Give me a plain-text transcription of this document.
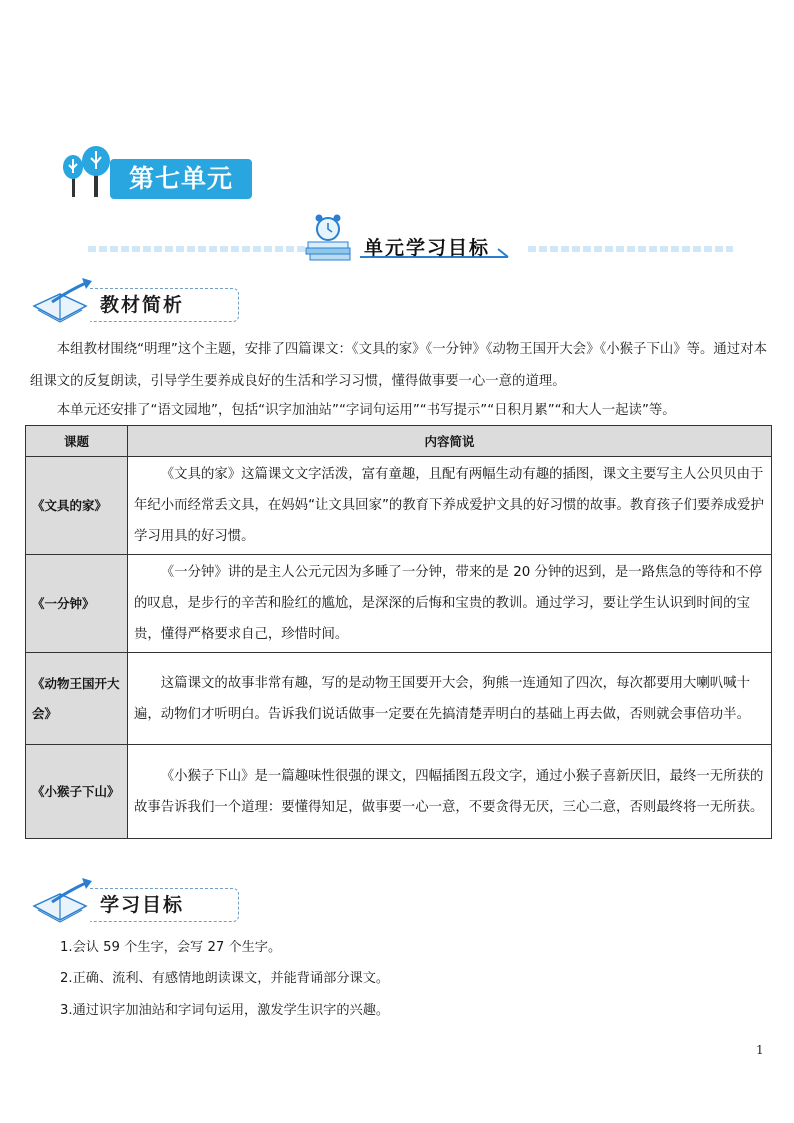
第七单元
单元学习目标
教材简析
本组教材围绕“明理”这个主题，安排了四篇课文：《文具的家》《一分钟》《动物王国开大会》《小猴子下山》等。通过对本组课文的反复朗读，引导学生要养成良好的生活和学习习惯，懂得做事要一心一意的道理。
本单元还安排了“语文园地”，包括“识字加油站”“字词句运用”“书写提示”“日积月累”“和大人一起读”等。
课题	内容简说
《文具的家》	《文具的家》这篇课文文字活泼，富有童趣，且配有两幅生动有趣的插图，课文主要写主人公贝贝由于年纪小而经常丢文具，在妈妈“让文具回家”的教育下养成爱护文具的好习惯的故事。教育孩子们要养成爱护学习用具的好习惯。
《一分钟》	《一分钟》讲的是主人公元元因为多睡了一分钟，带来的是 20 分钟的迟到，是一路焦急的等待和不停的叹息，是步行的辛苦和脸红的尴尬，是深深的后悔和宝贵的教训。通过学习，要让学生认识到时间的宝贵，懂得严格要求自己，珍惜时间。
《动物王国开大会》	这篇课文的故事非常有趣，写的是动物王国要开大会，狗熊一连通知了四次，每次都要用大喇叭喊十遍，动物们才听明白。告诉我们说话做事一定要在先搞清楚弄明白的基础上再去做，否则就会事倍功半。
《小猴子下山》	《小猴子下山》是一篇趣味性很强的课文，四幅插图五段文字，通过小猴子喜新厌旧，最终一无所获的故事告诉我们一个道理：要懂得知足，做事要一心一意，不要贪得无厌，三心二意，否则最终将一无所获。
学习目标
1.会认 59 个生字，会写 27 个生字。
2.正确、流利、有感情地朗读课文，并能背诵部分课文。
3.通过识字加油站和字词句运用，激发学生识字的兴趣。
1
